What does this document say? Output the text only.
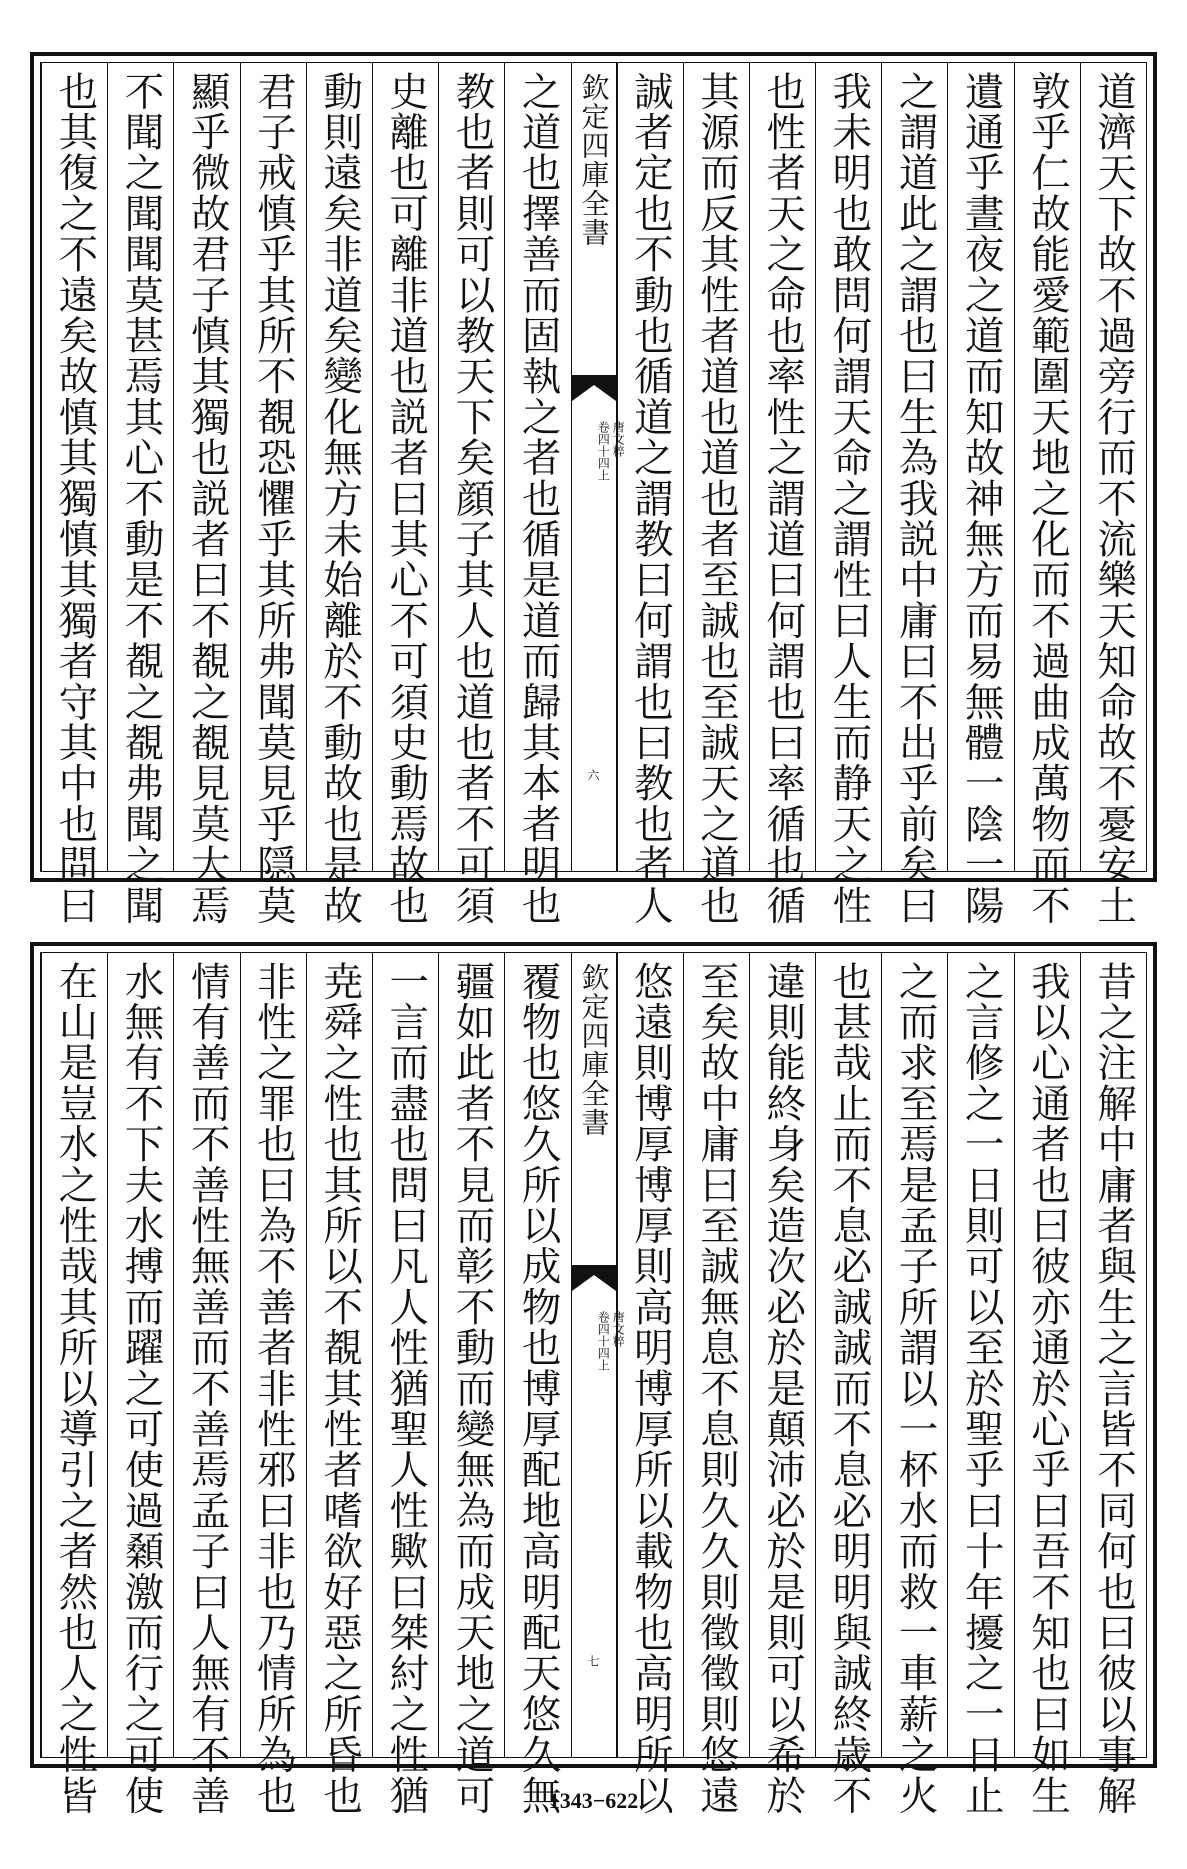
道濟天下故不過旁行而不流樂天知命故不憂安土
敦乎仁故能愛範圍天地之化而不過曲成萬物而不
遺通乎晝夜之道而知故神無方而易無體一陰一陽
之謂道此之謂也曰生為我説中庸曰不出乎前矣曰
我未明也敢問何謂天命之謂性曰人生而静天之性
也性者天之命也率性之謂道曰何謂也曰率循也循
其源而反其性者道也道也者至誠也至誠天之道也
誠者定也不動也循道之謂教曰何謂也曰教也者人
欽定四庫全書
唐文粹
卷四十四上
六
之道也擇善而固執之者也循是道而歸其本者明也
教也者則可以教天下矣顔子其人也道也者不可須
史離也可離非道也説者曰其心不可須史動焉故也
動則遠矣非道矣變化無方未始離於不動故也是故
君子戒慎乎其所不覩恐懼乎其所弗聞莫見乎隠莫
顯乎微故君子慎其獨也説者曰不覩之覩見莫大焉
不聞之聞聞莫甚焉其心不動是不覩之覩弗聞之聞
也其復之不遠矣故慎其獨慎其獨者守其中也問曰
昔之注解中庸者與生之言皆不同何也曰彼以事解
我以心通者也曰彼亦通於心乎曰吾不知也曰如生
之言修之一日則可以至於聖乎曰十年擾之一日止
之而求至焉是孟子所謂以一杯水而救一車薪之火
也甚哉止而不息必誠誠而不息必明明與誠終歳不
違則能終身矣造次必於是顛沛必於是則可以希於
至矣故中庸曰至誠無息不息則久久則徵徵則悠遠
悠遠則博厚博厚則高明博厚所以載物也高明所以
欽定四庫全書
唐文粹
卷四十四上
七
覆物也悠久所以成物也博厚配地高明配天悠久無
疆如此者不見而彰不動而變無為而成天地之道可
一言而盡也問曰凡人性猶聖人性歟曰桀紂之性猶
尭舜之性也其所以不覩其性者嗜欲好惡之所昏也
非性之罪也曰為不善者非性邪曰非也乃情所為也
情有善而不善性無善而不善焉孟子曰人無有不善
水無有不下夫水搏而躍之可使過顙激而行之可使
在山是豈水之性哉其所以導引之者然也人之性皆	1343−622
